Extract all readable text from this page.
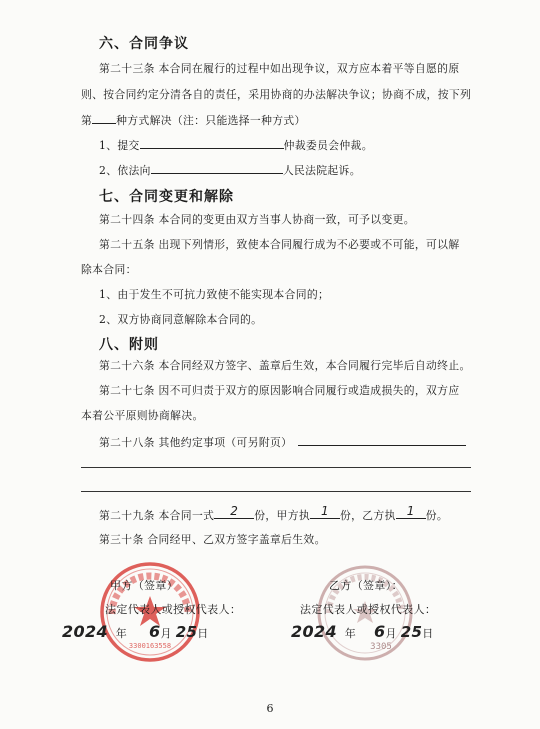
六、合同争议
第二十三条 本合同在履行的过程中如出现争议，双方应本着平等自愿的原
则、按合同约定分清各自的责任，采用协商的办法解决争议；协商不成，按下列
第 种方式解决（注：只能选择一种方式）
1、提交	仲裁委员会仲裁。
2、依法向	人民法院起诉。
七、合同变更和解除
第二十四条 本合同的变更由双方当事人协商一致，可予以变更。
第二十五条 出现下列情形，致使本合同履行成为不必要或不可能，可以解
除本合同：
1、由于发生不可抗力致使不能实现本合同的；
2、双方协商同意解除本合同的。
八、附则
第二十六条 本合同经双方签字、盖章后生效，本合同履行完毕后自动终止。
第二十七条 因不可归责于双方的原因影响合同履行或造成损失的，双方应
本着公平原则协商解决。
第二十八条 其他约定事项（可另附页）
第二十九条 本合同一式 2 份，甲方执 1 份，乙方执 1 份。
第三十条 合同经甲、乙双方签字盖章后生效。
3300163558	3305
甲方（签章）
法定代表人或授权代表人：
2024 年 6月 25日
乙方（签章）：
法定代表人或授权代表人：
2024 年 6月 25日
6
